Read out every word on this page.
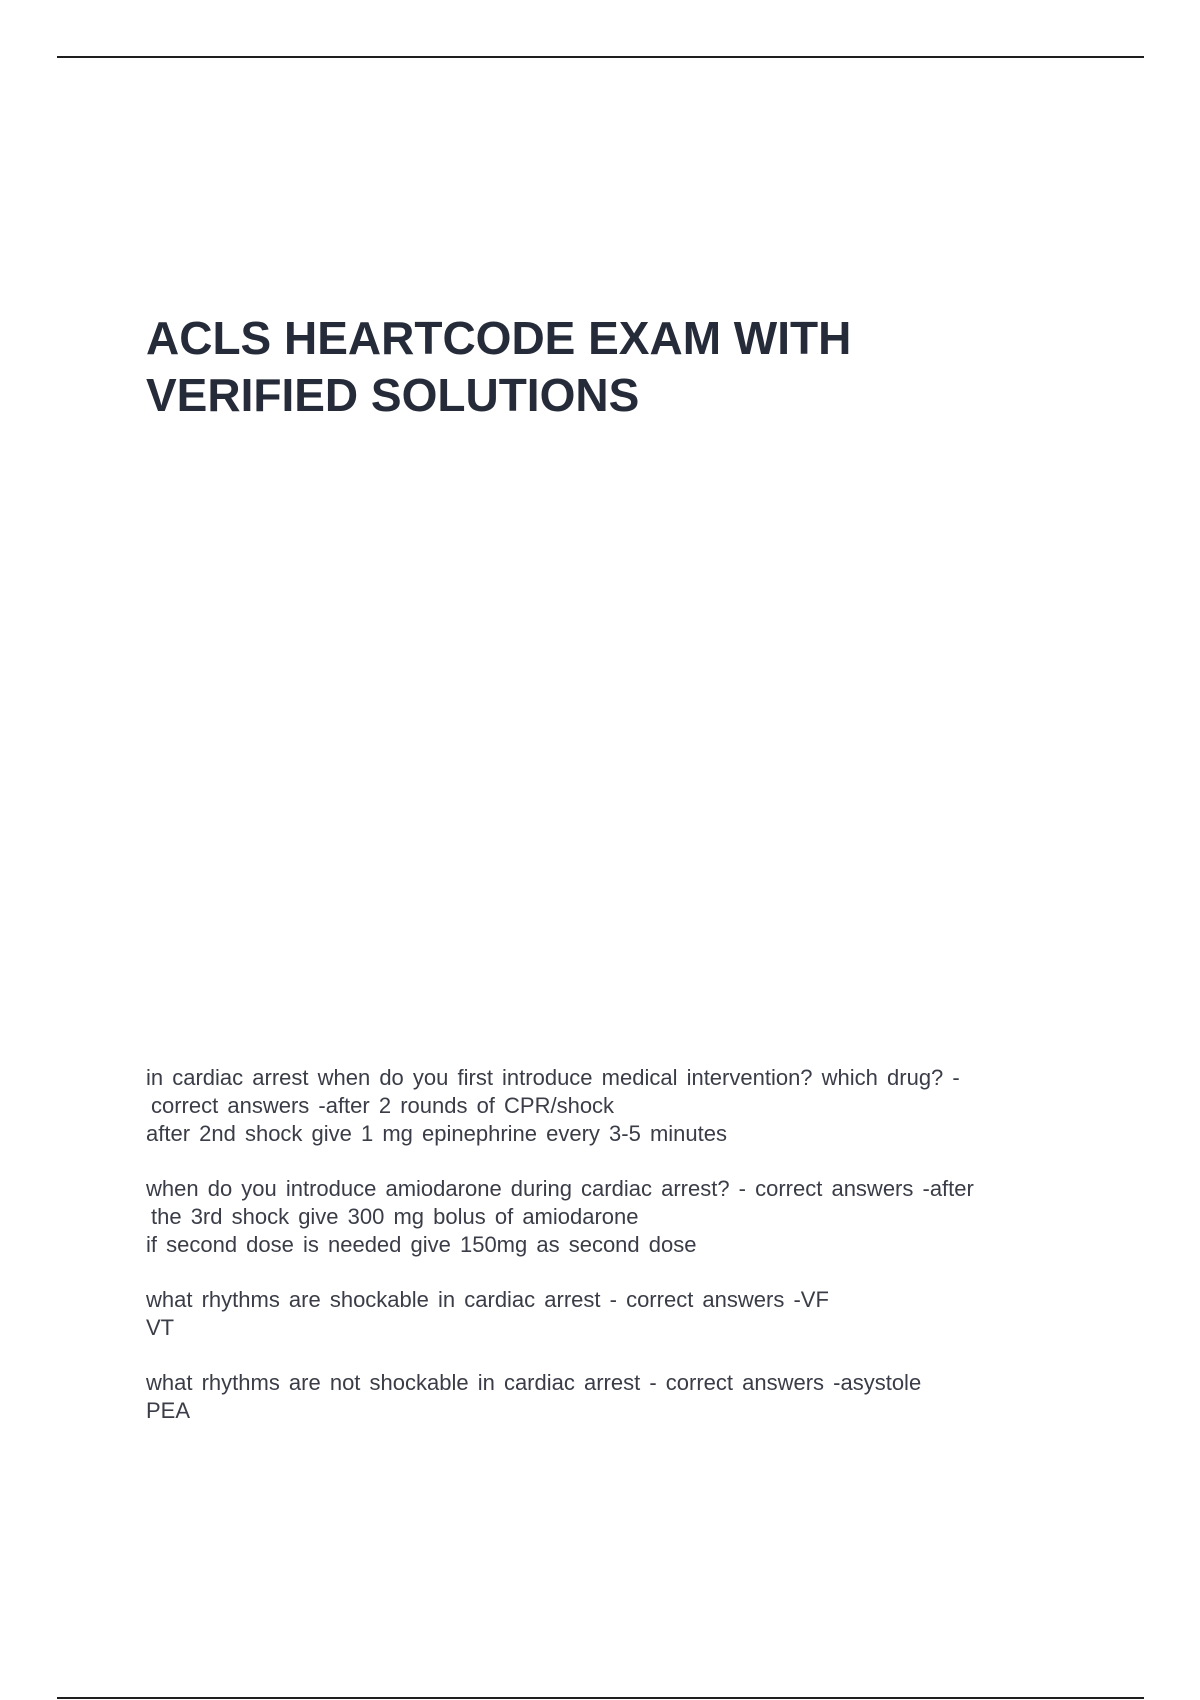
ACLS HEARTCODE EXAM WITH
VERIFIED SOLUTIONS

in cardiac arrest when do you first introduce medical intervention? which drug? -
correct answers -after 2 rounds of CPR/shock
after 2nd shock give 1 mg epinephrine every 3-5 minutes

when do you introduce amiodarone during cardiac arrest? - correct answers -after
the 3rd shock give 300 mg bolus of amiodarone
if second dose is needed give 150mg as second dose

what rhythms are shockable in cardiac arrest - correct answers -VF
VT

what rhythms are not shockable in cardiac arrest - correct answers -asystole
PEA
